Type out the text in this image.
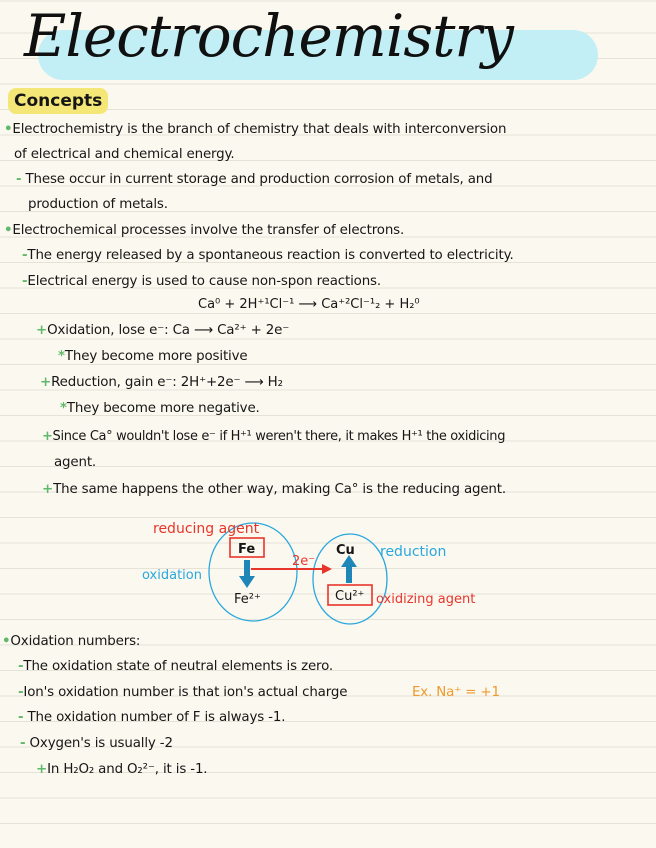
Electrochemistry
Concepts
•Electrochemistry is the branch of chemistry that deals with interconversion
of electrical and chemical energy.
- These occur in current storage and production corrosion of metals, and
production of metals.
•Electrochemical processes involve the transfer of electrons.
-The energy released by a spontaneous reaction is converted to electricity.
-Electrical energy is used to cause non-spon reactions.
Ca⁰ + 2H⁺¹Cl⁻¹ ⟶ Ca⁺²Cl⁻¹₂ + H₂⁰
+Oxidation, lose e⁻: Ca ⟶ Ca²⁺ + 2e⁻
*They become more positive
+Reduction, gain e⁻: 2H⁺+2e⁻ ⟶ H₂
*They become more negative.
+Since Ca° wouldn't lose e⁻ if H⁺¹ weren't there, it makes H⁺¹ the oxidicing
agent.
+The same happens the other way, making Ca° is the reducing agent.
reducing agent
Fe
oxidation
Fe²⁺
2e⁻
Cu reduction
Cu²⁺ oxidizing agent
•Oxidation numbers:
-The oxidation state of neutral elements is zero.
-Ion's oxidation number is that ion's actual charge	Ex. Na⁺ = +1
- The oxidation number of F is always -1.
- Oxygen's is usually -2
+In H₂O₂ and O₂²⁻, it is -1.
